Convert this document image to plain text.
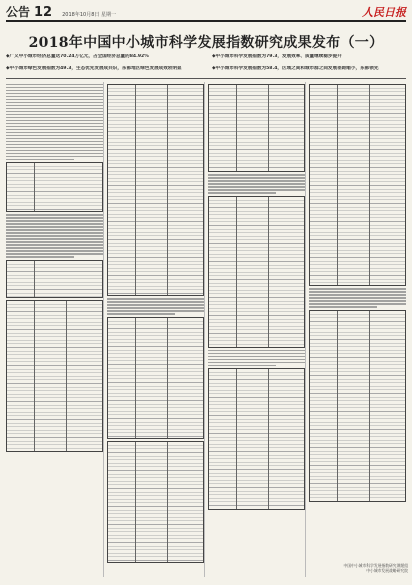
公告 12 2018年10月8日 星期一	人民日报
2018年中国中小城市科学发展指数研究成果发布（一）
◆广义中小城市经济总量达70.24万亿元，占全国经济总量的84.92%	◆中小城市科学发展指数为79.3，发展效率、质量继续稳步提升
◆中小城市绿色发展指数为49.3，生态优先发展成共识，东部地区绿色发展成效较明显	◆中小城市科学发展指数为58.4，区域之间和城市群之间发展差距缩小，东部领先
中国中小城市科学发展指数研究课题组
中小城市发展战略研究院
